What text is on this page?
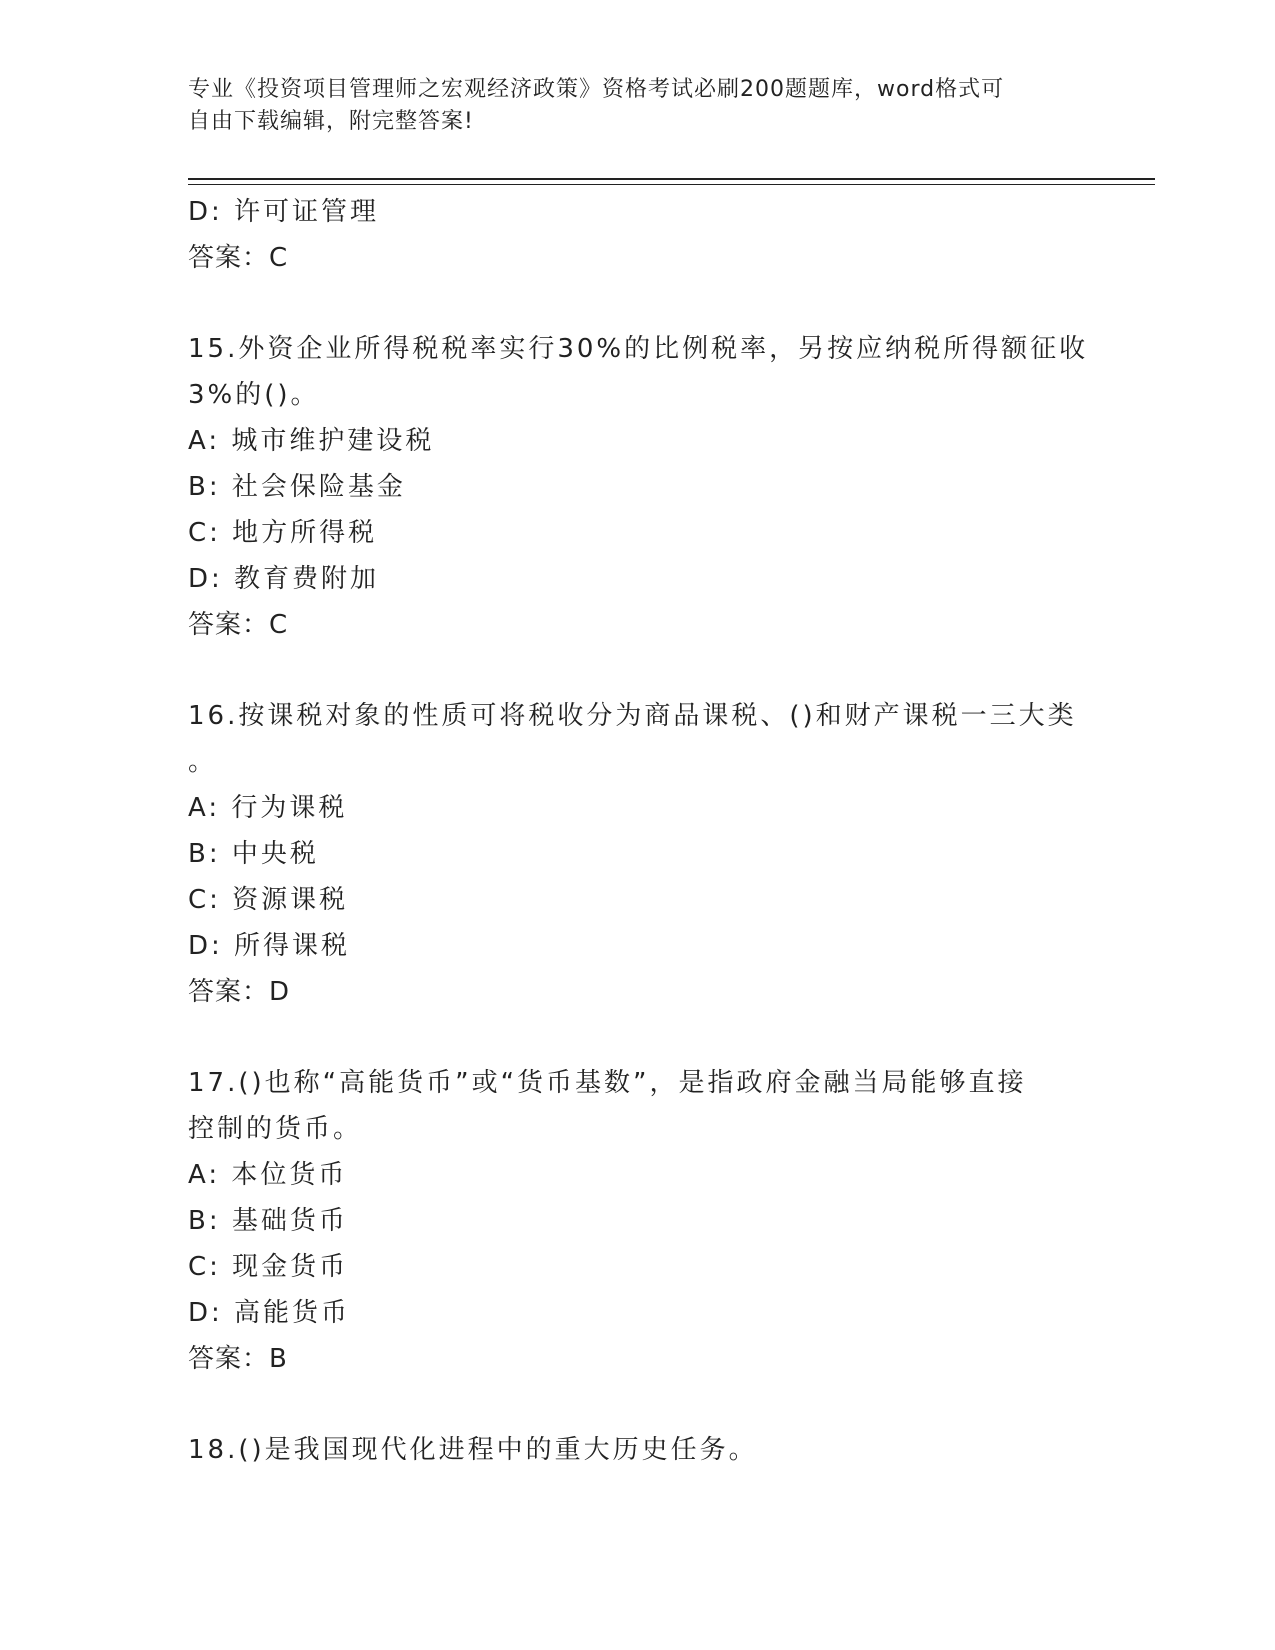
专业《投资项目管理师之宏观经济政策》资格考试必刷200题题库，word格式可
自由下载编辑，附完整答案!
D: 许可证管理
答案：C
15.外资企业所得税税率实行30%的比例税率，另按应纳税所得额征收
3%的()。
A: 城市维护建设税
B: 社会保险基金
C: 地方所得税
D: 教育费附加
答案：C
16.按课税对象的性质可将税收分为商品课税、()和财产课税一三大类
。
A: 行为课税
B: 中央税
C: 资源课税
D: 所得课税
答案：D
17.()也称“高能货币”或“货币基数”，是指政府金融当局能够直接
控制的货币。
A: 本位货币
B: 基础货币
C: 现金货币
D: 高能货币
答案：B
18.()是我国现代化进程中的重大历史任务。
